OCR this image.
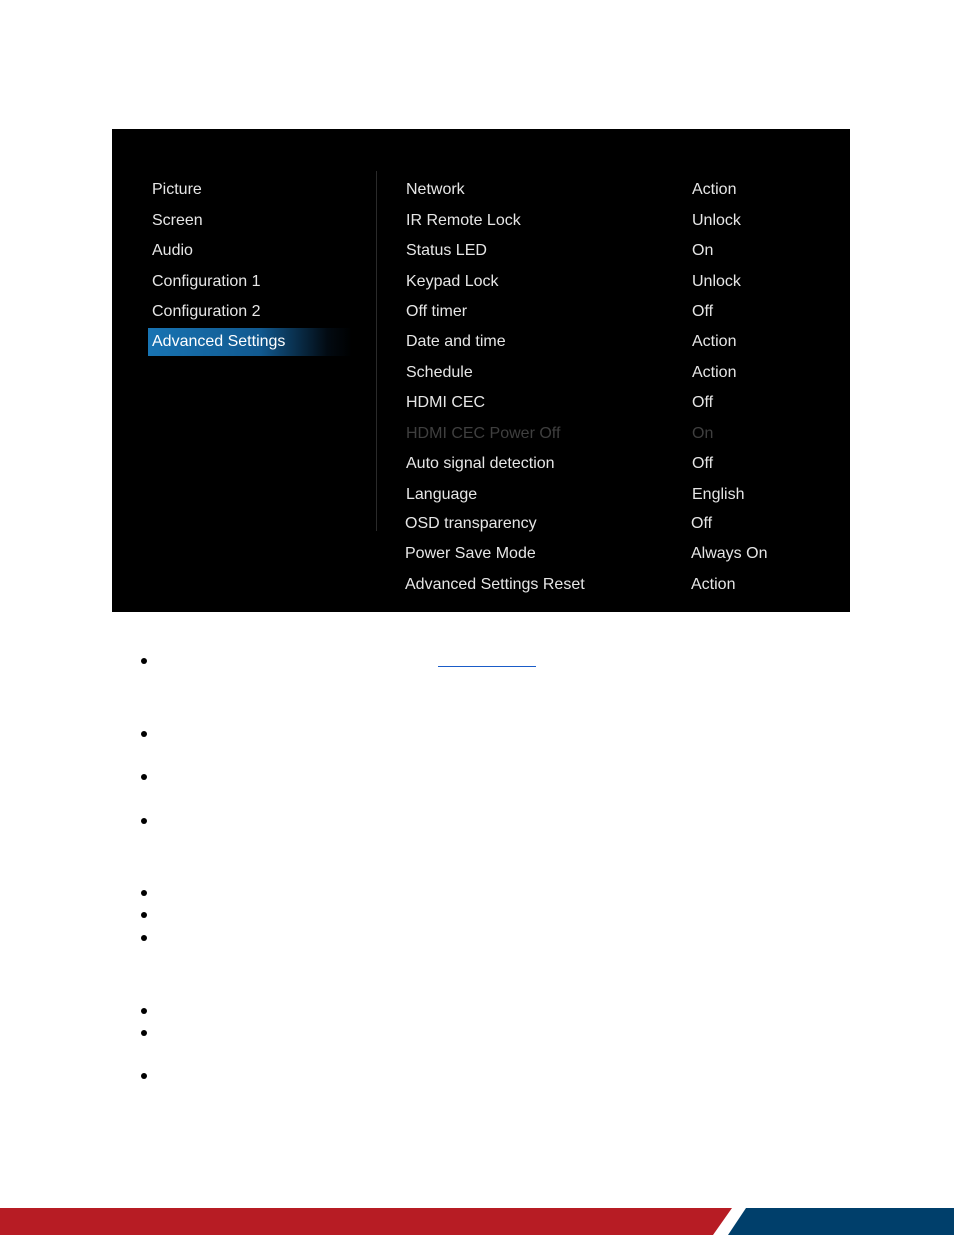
Picture
Screen
Audio
Configuration 1
Configuration 2
Advanced Settings
Network	Action
IR Remote Lock	Unlock
Status LED	On
Keypad Lock	Unlock
Off timer	Off
Date and time	Action
Schedule	Action
HDMI CEC	Off
HDMI CEC Power Off	On
Auto signal detection	Off
Language	English
OSD transparency	Off
Power Save Mode	Always On
Advanced Settings Reset	Action
